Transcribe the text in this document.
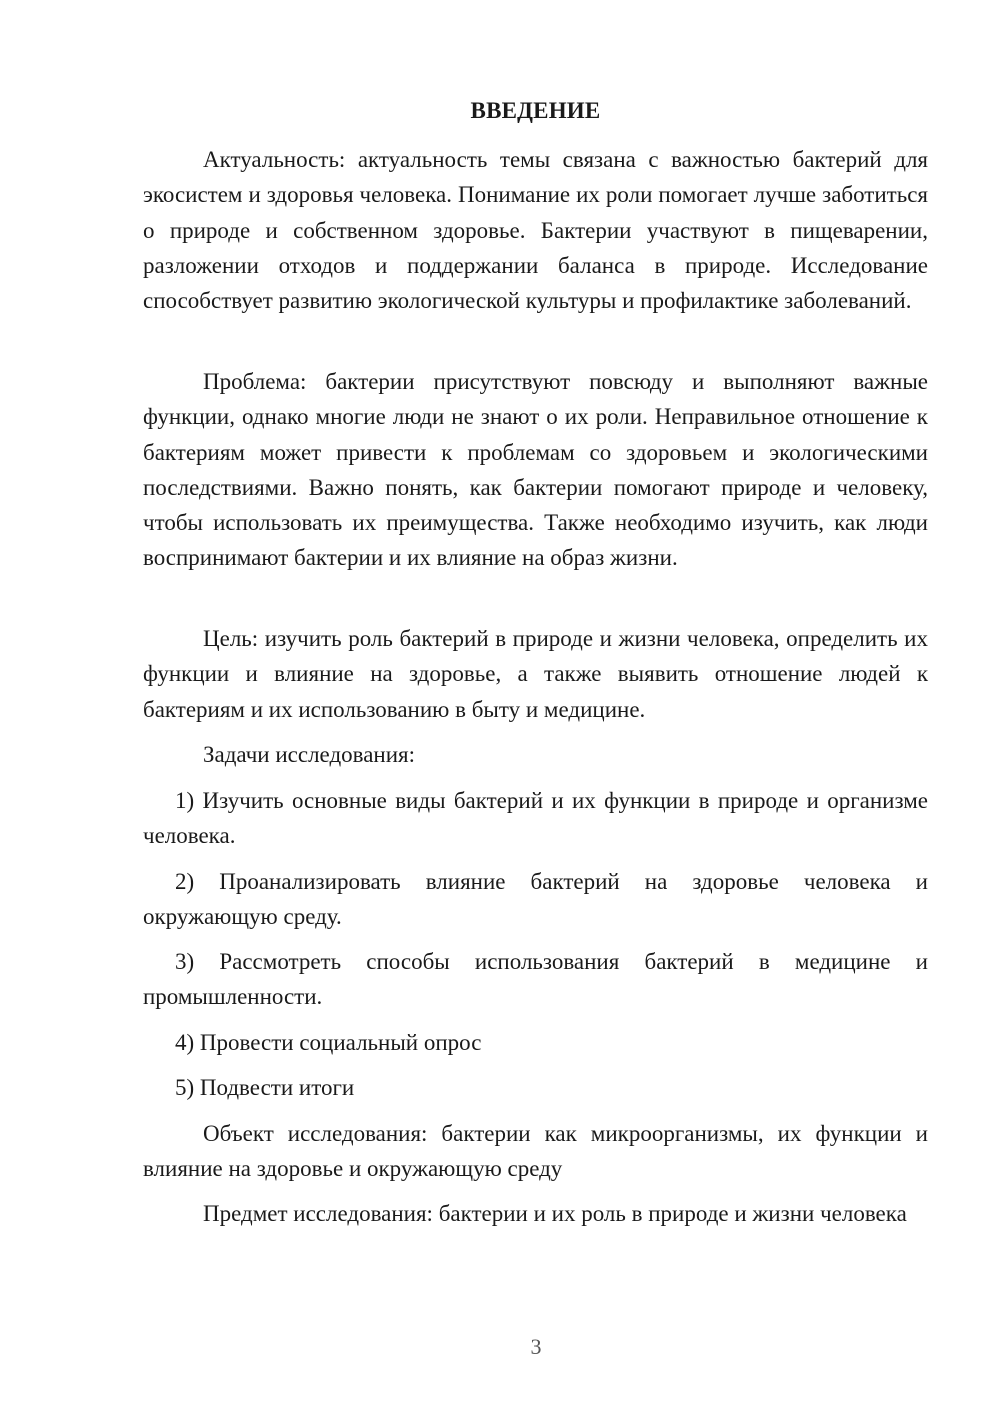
ВВЕДЕНИЕ

Актуальность: актуальность темы связана с важностью бактерий для экосистем и здоровья человека. Понимание их роли помогает лучше заботиться о природе и собственном здоровье. Бактерии участвуют в пищеварении, разложении отходов и поддержании баланса в природе. Исследование способствует развитию экологической культуры и профилактике заболеваний.

Проблема: бактерии присутствуют повсюду и выполняют важные функции, однако многие люди не знают о их роли. Неправильное отношение к бактериям может привести к проблемам со здоровьем и экологическими последствиями. Важно понять, как бактерии помогают природе и человеку, чтобы использовать их преимущества. Также необходимо изучить, как люди воспринимают бактерии и их влияние на образ жизни.

Цель: изучить роль бактерий в природе и жизни человека, определить их функции и влияние на здоровье, а также выявить отношение людей к бактериям и их использованию в быту и медицине.

Задачи исследования:

1) Изучить основные виды бактерий и их функции в природе и организме человека.

2) Проанализировать влияние бактерий на здоровье человека и окружающую среду.

3) Рассмотреть способы использования бактерий в медицине и промышленности.

4) Провести социальный опрос

5) Подвести итоги

Объект исследования: бактерии как микроорганизмы, их функции и влияние на здоровье и окружающую среду

Предмет исследования: бактерии и их роль в природе и жизни человека

3
